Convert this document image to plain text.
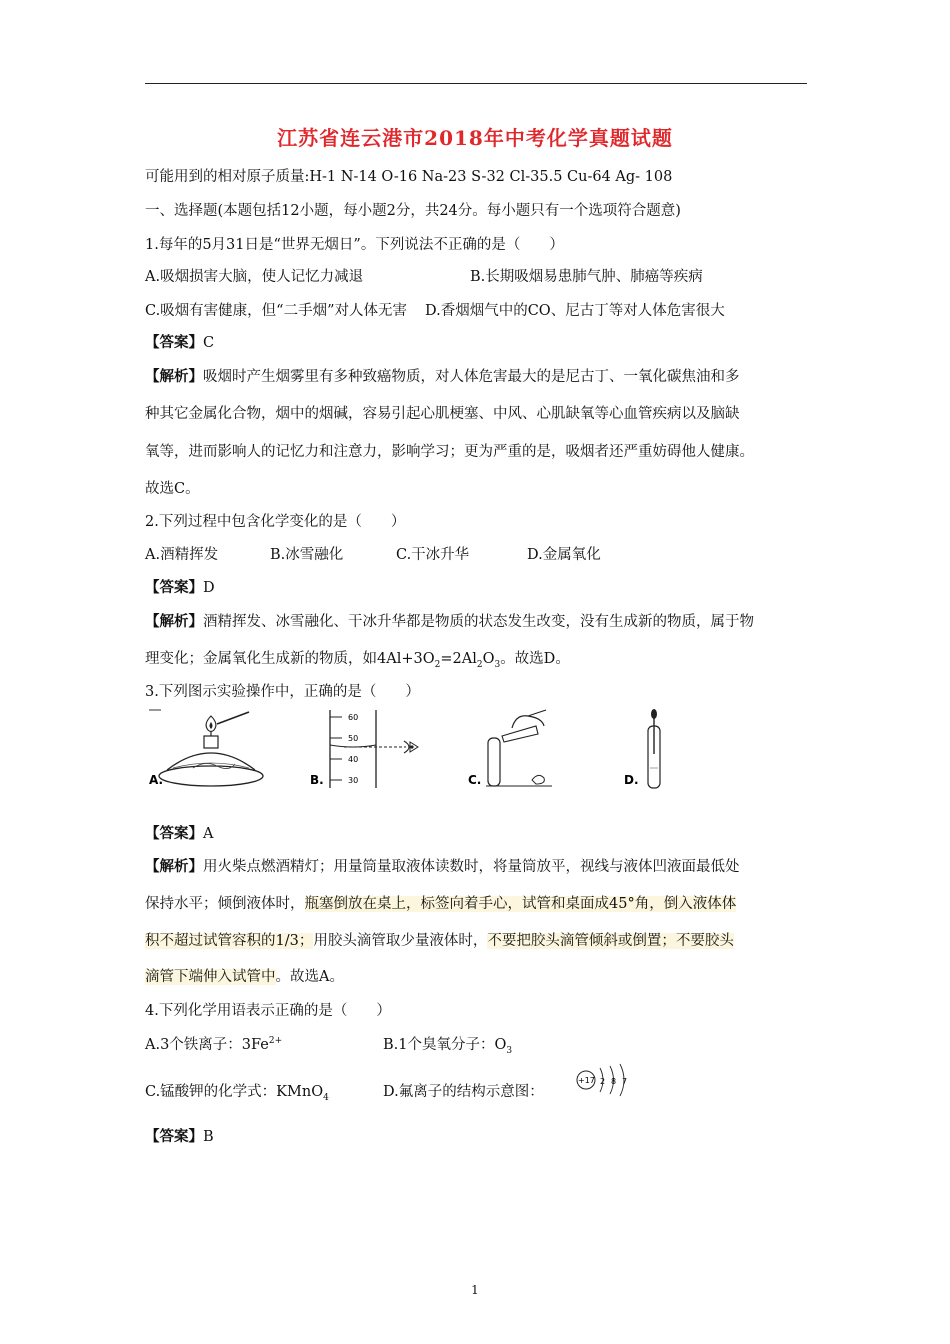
江苏省连云港市2018年中考化学真题试题
可能用到的相对原子质量:H-1 N-14 O-16 Na-23 S-32 Cl-35.5 Cu-64 Ag- 108
一、选择题(本题包括12小题，每小题2分，共24分。每小题只有一个选项符合题意)
1.每年的5月31日是“世界无烟日”。下列说法不正确的是（　　）
A.吸烟损害大脑，使人记忆力减退	B.长期吸烟易患肺气肿、肺癌等疾病
C.吸烟有害健康，但“二手烟”对人体无害 D.香烟烟气中的CO、尼古丁等对人体危害很大
【答案】C
【解析】吸烟时产生烟雾里有多种致癌物质，对人体危害最大的是尼古丁、一氧化碳焦油和多
种其它金属化合物，烟中的烟碱，容易引起心肌梗塞、中风、心肌缺氧等心血管疾病以及脑缺
氧等，进而影响人的记忆力和注意力，影响学习；更为严重的是，吸烟者还严重妨碍他人健康。
故选C。
2.下列过程中包含化学变化的是（　　）
A.酒精挥发	B.冰雪融化	C.干冰升华	D.金属氧化
【答案】D
【解析】酒精挥发、冰雪融化、干冰升华都是物质的状态发生改变，没有生成新的物质，属于物
理变化；金属氧化生成新的物质，如$4Al+3O_2=2Al_2O_3$。故选D。
3.下列图示实验操作中，正确的是（　　）
A.
60
50
40
30
B.	C.	D.
【答案】A
【解析】用火柴点燃酒精灯；用量筒量取液体读数时，将量筒放平，视线与液体凹液面最低处
保持水平；倾倒液体时，瓶塞倒放在桌上，标签向着手心，试管和桌面成45°角，倒入液体体
积不超过试管容积的1/3；用胶头滴管取少量液体时，不要把胶头滴管倾斜或倒置；不要胶头
滴管下端伸入试管中。故选A。
4.下列化学用语表示正确的是（　　）
A.3个铁离子：$3Fe^{2+}$	B.1个臭氧分子：$O_3$
C.锰酸钾的化学式：KMnO$_4$	D.氟离子的结构示意图：
+17 2 8 7
【答案】B
1
